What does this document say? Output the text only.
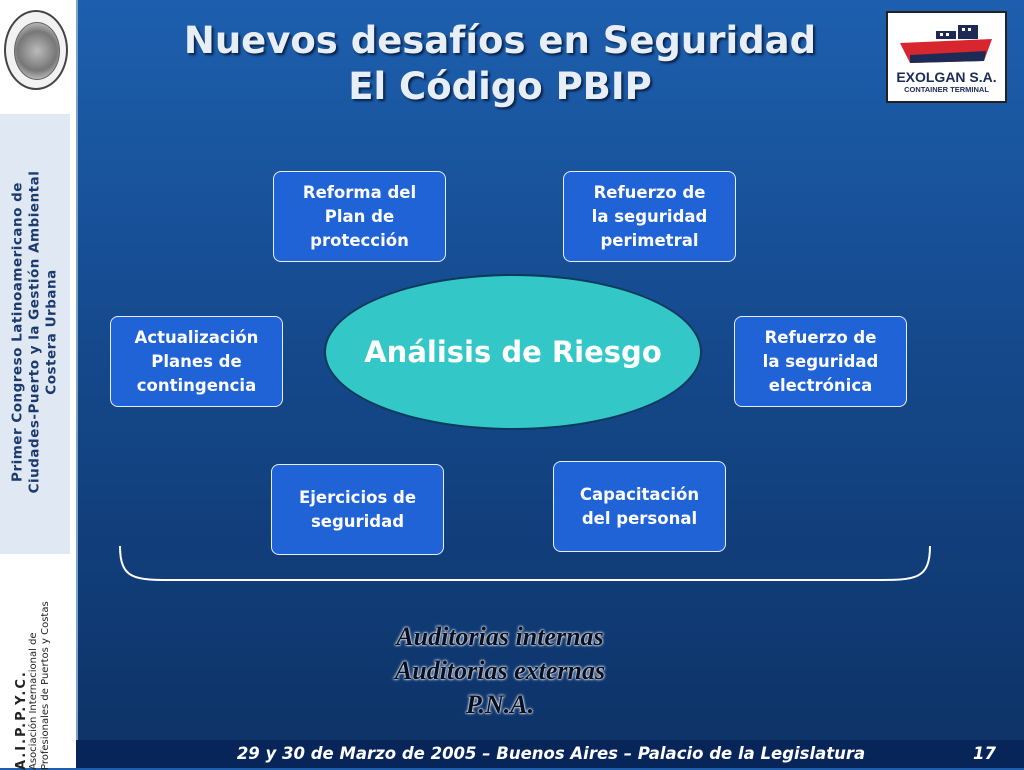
Primer Congreso Latinoamericano de Ciudades-Puerto y la Gestión Ambiental Costera Urbana
A.I.P.P.Y.C. Asociación Internacional de Profesionales de Puertos y Costas
Nuevos desafíos en Seguridad
El Código PBIP	EXOLGAN S.A.
CONTAINER TERMINAL
Reforma del
Plan de
protección
Refuerzo de
la seguridad
perimetral
Actualización
Planes de
contingencia
Refuerzo de
la seguridad
electrónica
Ejercicios de
seguridad
Capacitación
del personal
Análisis de Riesgo
Auditorias internas
Auditorias externas
P.N.A.
29 y 30 de Marzo de 2005 – Buenos Aires – Palacio de la Legislatura	17
